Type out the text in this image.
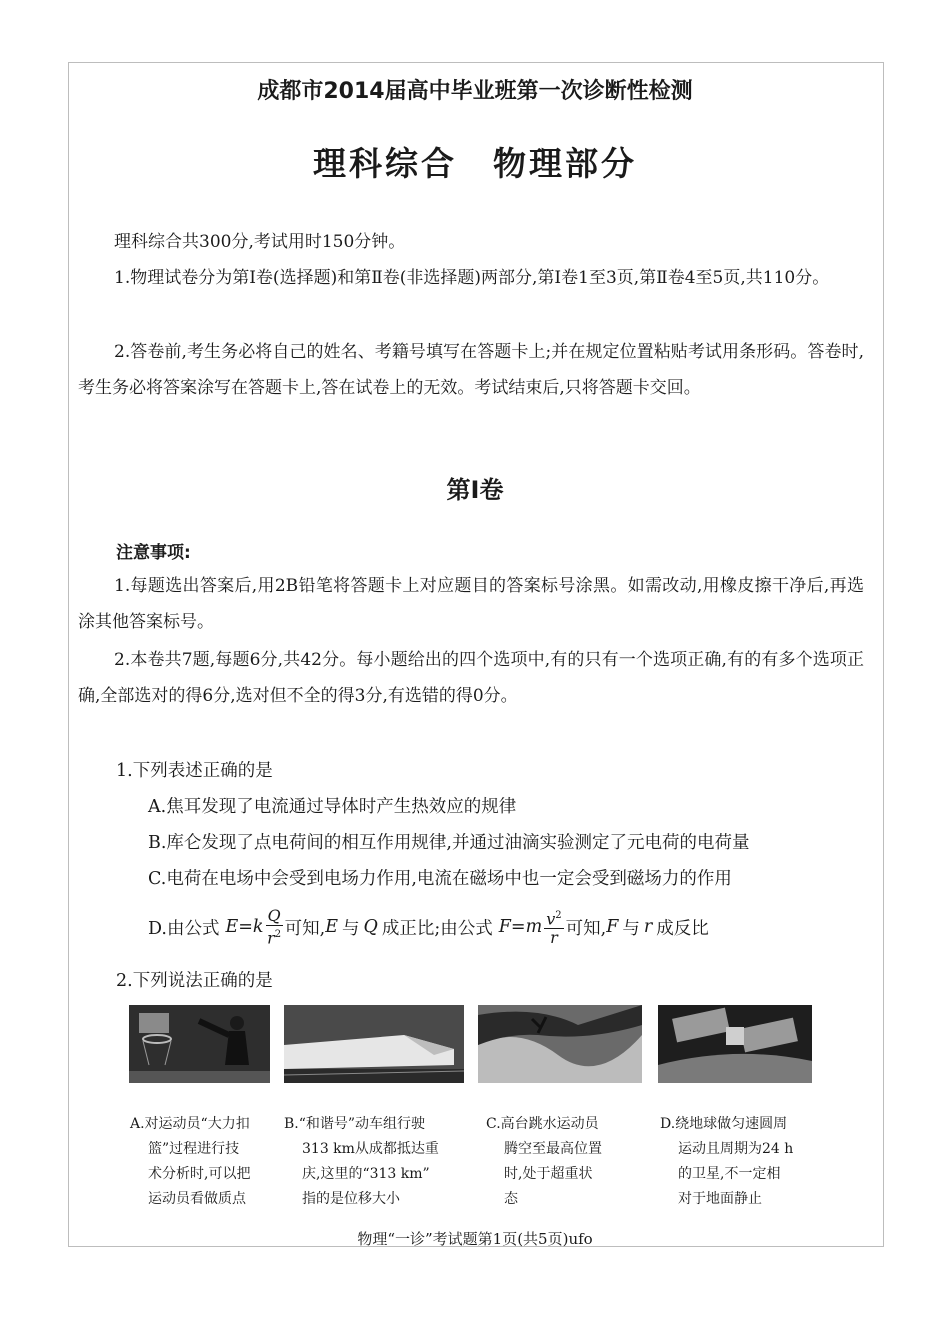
成都市2014届高中毕业班第一次诊断性检测
理科综合　物理部分
理科综合共300分,考试用时150分钟。
1.物理试卷分为第Ⅰ卷(选择题)和第Ⅱ卷(非选择题)两部分,第Ⅰ卷1至3页,第Ⅱ卷4至5页,共110分。
2.答卷前,考生务必将自己的姓名、考籍号填写在答题卡上;并在规定位置粘贴考试用条形码。答卷时,考生务必将答案涂写在答题卡上,答在试卷上的无效。考试结束后,只将答题卡交回。
第Ⅰ卷
注意事项:
1.每题选出答案后,用2B铅笔将答题卡上对应题目的答案标号涂黑。如需改动,用橡皮擦干净后,再选涂其他答案标号。
2.本卷共7题,每题6分,共42分。每小题给出的四个选项中,有的只有一个选项正确,有的有多个选项正确,全部选对的得6分,选对但不全的得3分,有选错的得0分。
1.下列表述正确的是
A.焦耳发现了电流通过导体时产生热效应的规律
B.库仑发现了点电荷间的相互作用规律,并通过油滴实验测定了元电荷的电荷量
C.电荷在电场中会受到电场力作用,电流在磁场中也一定会受到磁场力的作用
D.由公式 $E=k \frac{Q}{r^2}$ 可知, E 与 Q 成正比;由公式 $F=m \frac{v^2}{r}$ 可知, F 与 r 成反比
2.下列说法正确的是
A.对运动员“大力扣
篮”过程进行技
术分析时,可以把
运动员看做质点
B.“和谐号”动车组行驶
313 km从成都抵达重
庆,这里的“313 km”
指的是位移大小
C.高台跳水运动员
腾空至最高位置
时,处于超重状
态
D.绕地球做匀速圆周
运动且周期为24 h
的卫星,不一定相
对于地面静止
物理“一诊”考试题第1页(共5页)ufo
